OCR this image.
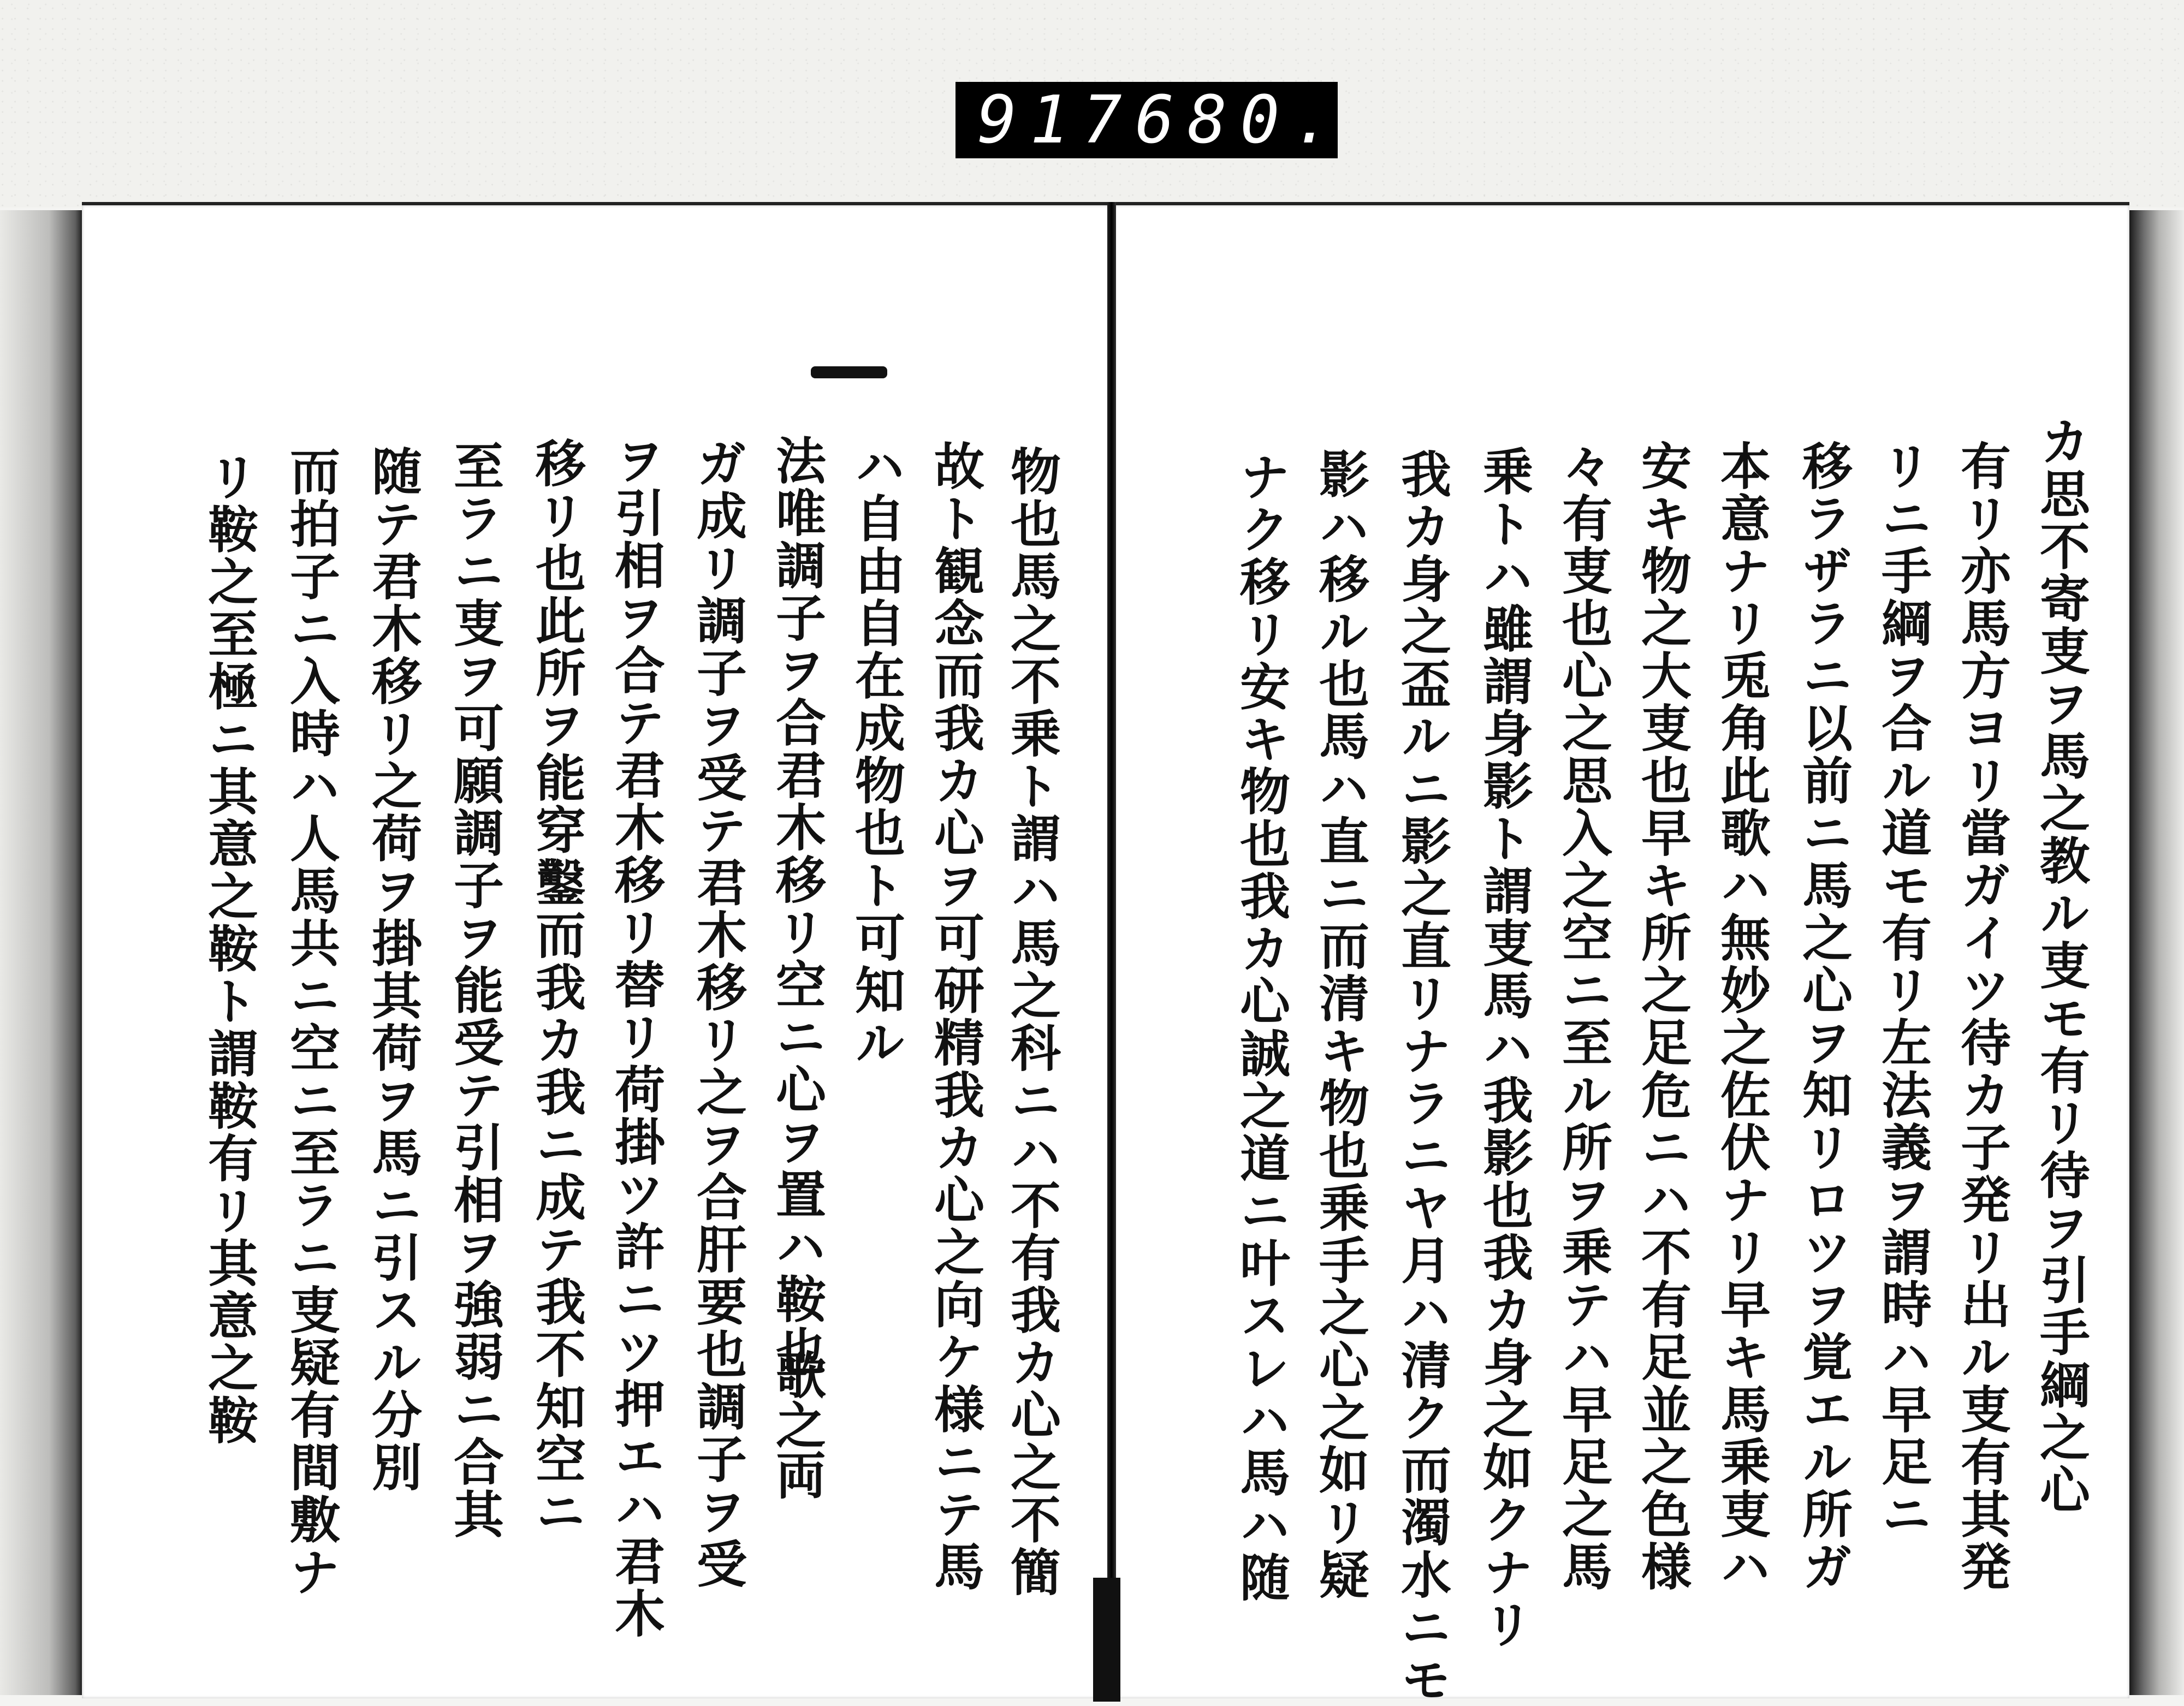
917 680.
物也馬之不乗ト謂ハ馬之科ニハ不有我カ心之不簡
故ト観念而我カ心ヲ可研精我カ心之向ケ様ニテ馬
ハ自由自在成物也ト可知ル
法唯調子ヲ合君木移リ空ニ心ヲ置ハ鞍也
歌之両
ガ成リ調子ヲ受テ君木移リ之ヲ合肝要也調子ヲ受
ヲ引相ヲ合テ君木移リ替リ荷掛ツ許ニツ押エハ君木
移リ也此所ヲ能穿鑿而我カ我ニ成テ我不知空ニ
至ラニ叓ヲ可願調子ヲ能受テ引相ヲ強弱ニ合其
随テ君木移リ之荷ヲ掛其荷ヲ馬ニ引スル分別
而拍子ニ入時ハ人馬共ニ空ニ至ラニ叓疑有間敷ナ
リ鞍之至極ニ其意之鞍ト謂鞍有リ其意之鞍	カ思不寄叓ヲ馬之教ル叓モ有リ待ヲ引手綱之心
有リ亦馬方ヨリ當ガイツ待カ子発リ出ル叓有其発
リニ手綱ヲ合ル道モ有リ左法義ヲ謂時ハ早足ニ
移ラザラニ以前ニ馬之心ヲ知リロツヲ覚エル所ガ
本意ナリ兎角此歌ハ無妙之佐伏ナリ早キ馬乗叓ハ
安キ物之大叓也早キ所之足危ニハ不有足並之色様
々有叓也心之思入之空ニ至ル所ヲ乗テハ早足之馬
乗トハ雖謂身影ト謂叓馬ハ我影也我カ身之如クナリ
我カ身之盃ルニ影之直リナラニヤ月ハ清ク而濁水ニモ
影ハ移ル也馬ハ直ニ而清キ物也乗手之心之如リ疑
ナク移リ安キ物也我カ心誠之道ニ叶スレハ馬ハ随
